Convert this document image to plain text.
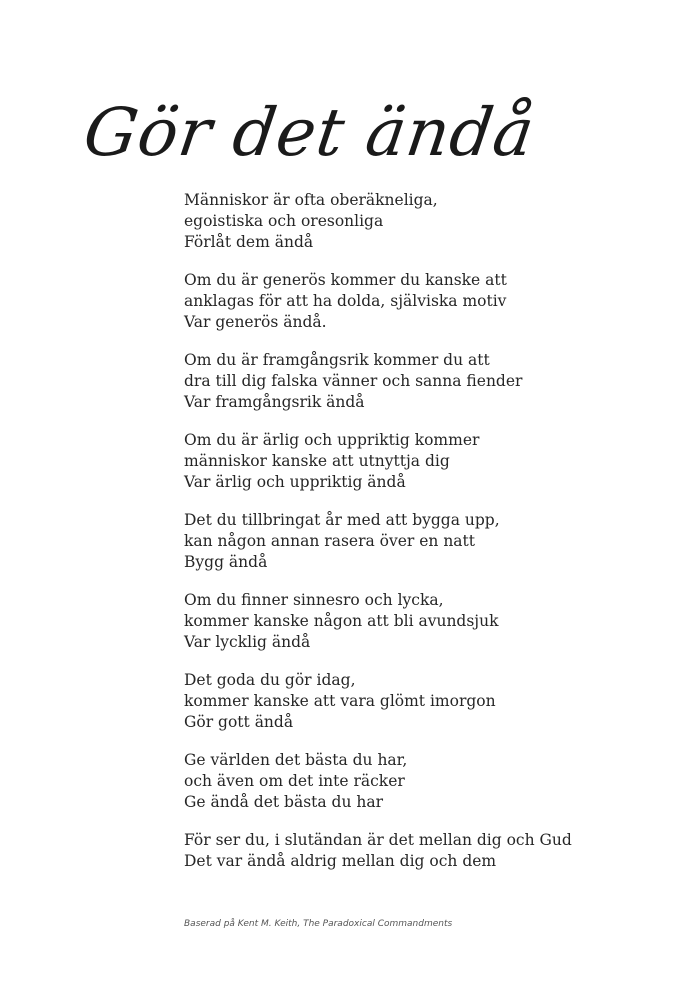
Gör det ändå

Människor är ofta oberäkneliga,
egoistiska och oresonliga
Förlåt dem ändå

Om du är generös kommer du kanske att
anklagas för att ha dolda, själviska motiv
Var generös ändå.

Om du är framgångsrik kommer du att
dra till dig falska vänner och sanna fiender
Var framgångsrik ändå

Om du är ärlig och uppriktig kommer
människor kanske att utnyttja dig
Var ärlig och uppriktig ändå

Det du tillbringat år med att bygga upp,
kan någon annan rasera över en natt
Bygg ändå

Om du finner sinnesro och lycka,
kommer kanske någon att bli avundsjuk
Var lycklig ändå

Det goda du gör idag,
kommer kanske att vara glömt imorgon
Gör gott ändå

Ge världen det bästa du har,
och även om det inte räcker
Ge ändå det bästa du har

För ser du, i slutändan är det mellan dig och Gud
Det var ändå aldrig mellan dig och dem

Baserad på Kent M. Keith, The Paradoxical Commandments
